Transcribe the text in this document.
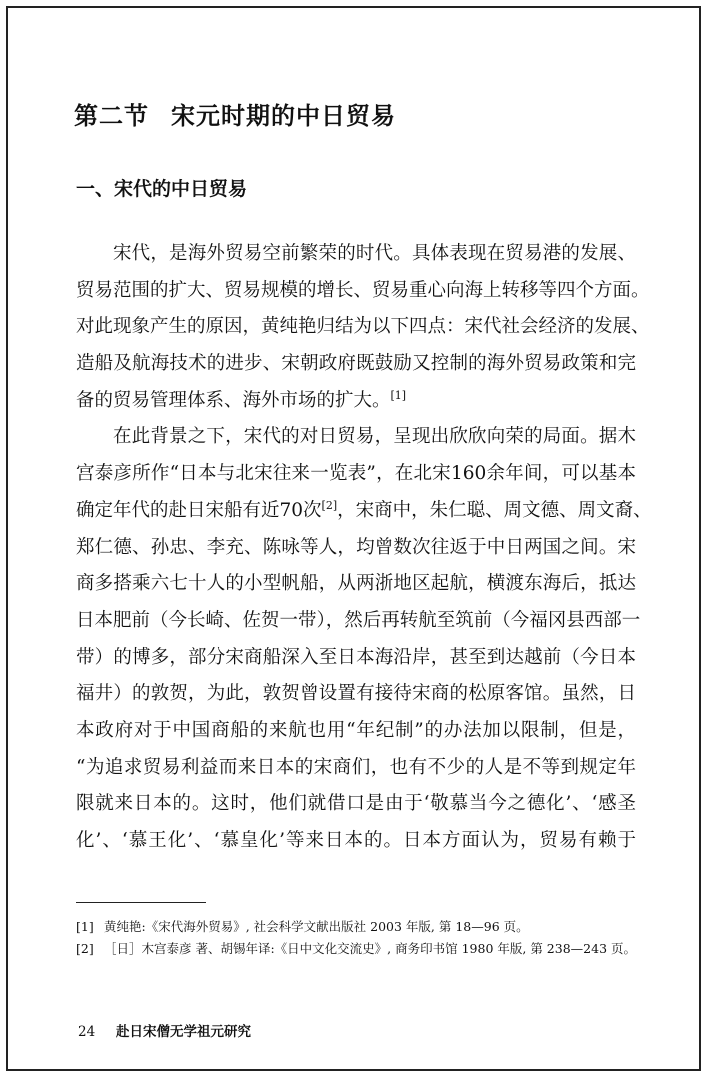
第二节 宋元时期的中日贸易
一、宋代的中日贸易
宋代，是海外贸易空前繁荣的时代。具体表现在贸易港的发展、
贸易范围的扩大、贸易规模的增长、贸易重心向海上转移等四个方面。
对此现象产生的原因，黄纯艳归结为以下四点：宋代社会经济的发展、
造船及航海技术的进步、宋朝政府既鼓励又控制的海外贸易政策和完
备的贸易管理体系、海外市场的扩大。[1]
在此背景之下，宋代的对日贸易，呈现出欣欣向荣的局面。据木
宫泰彦所作“日本与北宋往来一览表”，在北宋160余年间，可以基本
确定年代的赴日宋船有近70次[2]，宋商中，朱仁聪、周文德、周文裔、
郑仁德、孙忠、李充、陈咏等人，均曾数次往返于中日两国之间。宋
商多搭乘六七十人的小型帆船，从两浙地区起航，横渡东海后，抵达
日本肥前（今长崎、佐贺一带），然后再转航至筑前（今福冈县西部一
带）的博多，部分宋商船深入至日本海沿岸，甚至到达越前（今日本
福井）的敦贺，为此，敦贺曾设置有接待宋商的松原客馆。虽然，日
本政府对于中国商船的来航也用“年纪制”的办法加以限制，但是，
“为追求贸易利益而来日本的宋商们，也有不少的人是不等到规定年
限就来日本的。这时，他们就借口是由于‘敬慕当今之德化’、‘感圣
化’、‘慕王化’、‘慕皇化’等来日本的。日本方面认为，贸易有赖于
[1] 黄纯艳:《宋代海外贸易》, 社会科学文献出版社 2003 年版, 第 18—96 页。
[2] ［日］木宫泰彦 著、胡锡年译:《日中文化交流史》, 商务印书馆 1980 年版, 第 238—243 页。
24 赴日宋僧无学祖元研究
